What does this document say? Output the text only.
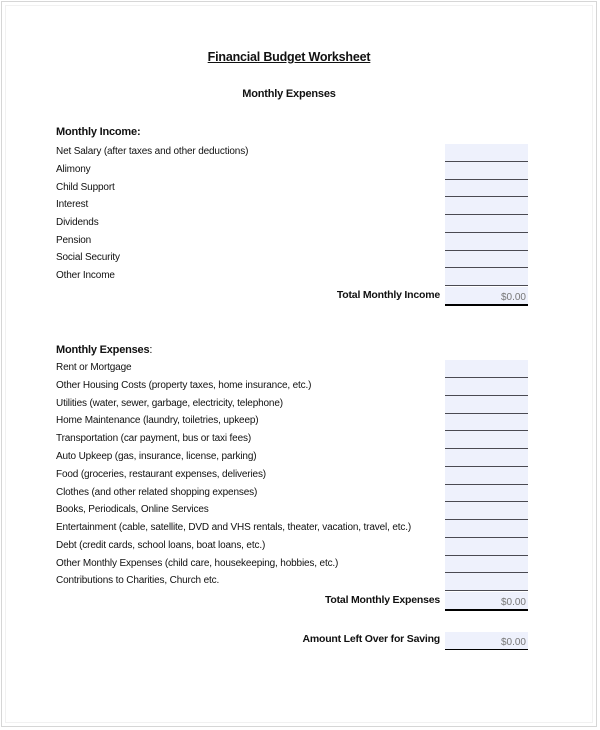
Financial Budget Worksheet
Monthly Expenses
Monthly Income:
Net Salary (after taxes and other deductions)
Alimony
Child Support
Interest
Dividends
Pension
Social Security
Other Income
Total Monthly Income	$0.00
Monthly Expenses:
Rent or Mortgage
Other Housing Costs (property taxes, home insurance, etc.)
Utilities (water, sewer, garbage, electricity, telephone)
Home Maintenance (laundry, toiletries, upkeep)
Transportation (car payment, bus or taxi fees)
Auto Upkeep (gas, insurance, license, parking)
Food (groceries, restaurant expenses, deliveries)
Clothes (and other related shopping expenses)
Books, Periodicals, Online Services
Entertainment (cable, satellite, DVD and VHS rentals, theater, vacation, travel, etc.)
Debt (credit cards, school loans, boat loans, etc.)
Other Monthly Expenses (child care, housekeeping, hobbies, etc.)
Contributions to Charities, Church etc.
Total Monthly Expenses	$0.00
Amount Left Over for Saving	$0.00
